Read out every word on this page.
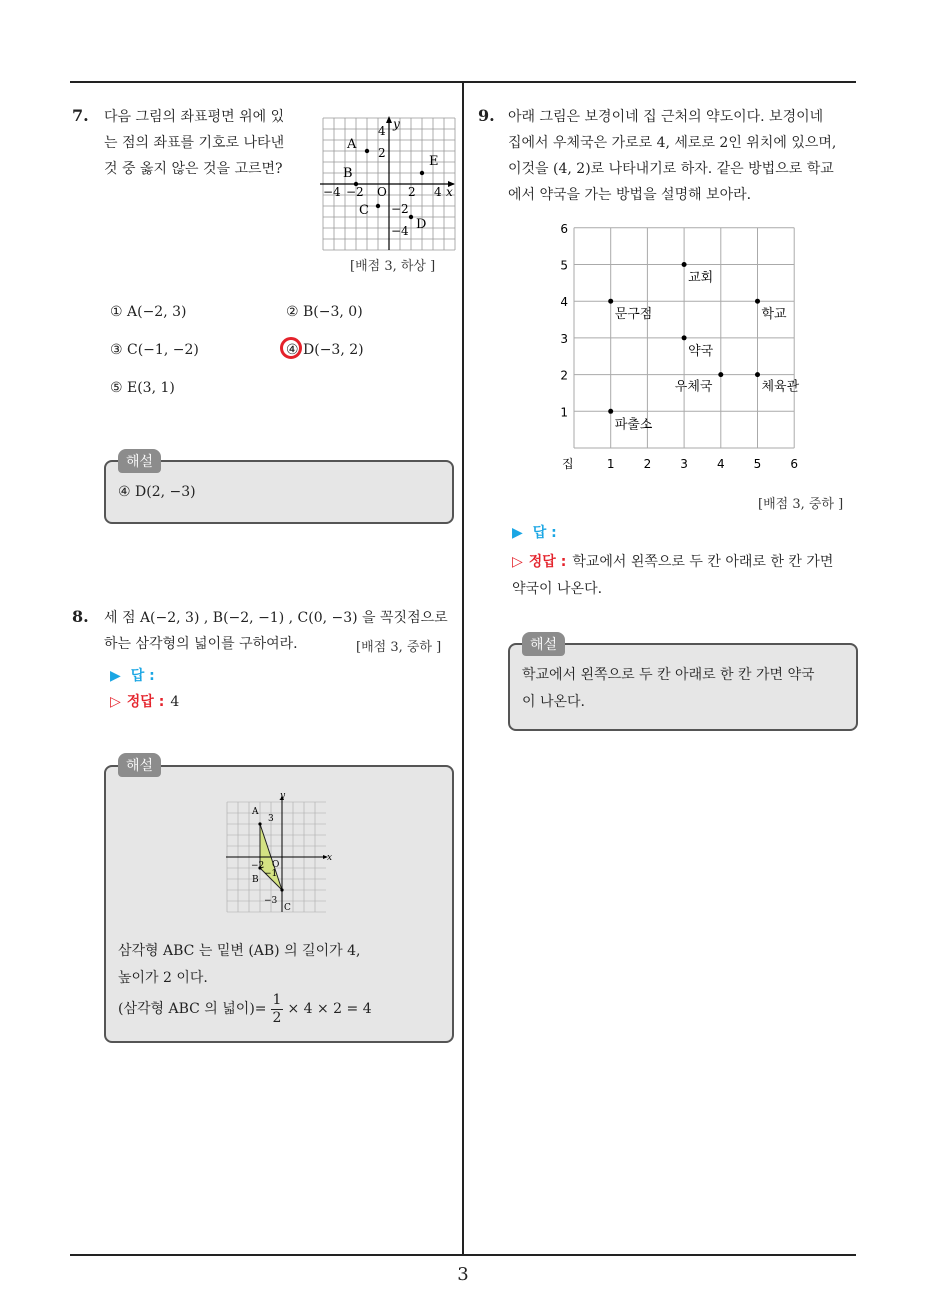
3
7. 다음 그림의 좌표평면 위에 있
는 점의 좌표를 기호로 나타낸
것 중 옳지 않은 것을 고르면?
y
x
4
2
−2
−4
−4 −2	2 4
O
A
B
C
D
E
[배점 3, 하상 ]
① A(−2, 3)	② B(−3, 0)
③ C(−1, −2)	④ D(−3, 2)
⑤ E(3, 1)
해설
④ D(2, −3)
8. 세 점 A(−2, 3) , B(−2, −1) , C(0, −3) 을 꼭짓점으로
하는 삼각형의 넓이를 구하여라.	[배점 3, 중하 ]
▶ 답 :
▷ 정답 : 4
해설
y
x
O
A
B
C
3
−2
−1
−3
삼각형 ABC 는 밑변 (AB) 의 길이가 4,
높이가 2 이다.
(삼각형 ABC 의 넓이)= $\frac{1}{2} \times 4 \times 2 = 4$
9. 아래 그림은 보경이네 집 근처의 약도이다. 보경이네
집에서 우체국은 가로로 4, 세로로 2인 위치에 있으며,
이것을 (4, 2)로 나타내기로 하자. 같은 방법으로 학교
에서 약국을 가는 방법을 설명해 보아라.
집	1 2 3 4 5 6
1
2
3
4
5
6
교회
문구점	학교
약국
우체국	체육관
파출소
[배점 3, 중하 ]
▶ 답 :
▷ 정답 : 학교에서 왼쪽으로 두 칸 아래로 한 칸 가면
약국이 나온다.
해설
학교에서 왼쪽으로 두 칸 아래로 한 칸 가면 약국
이 나온다.
